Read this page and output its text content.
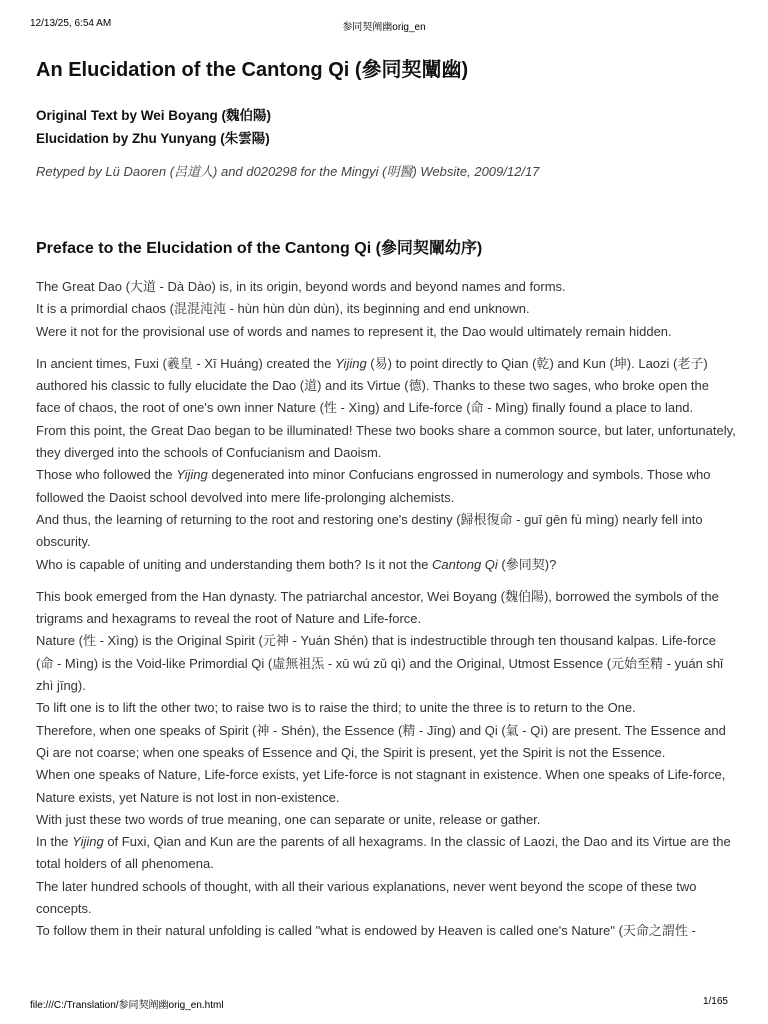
12/13/25, 6:54 AM	参同契阐幽orig_en
An Elucidation of the Cantong Qi (參同契闡幽)
Original Text by Wei Boyang (魏伯陽)
Elucidation by Zhu Yunyang (朱雲陽)
Retyped by Lü Daoren (呂道人) and d020298 for the Mingyi (明醫) Website, 2009/12/17
Preface to the Elucidation of the Cantong Qi (參同契闡幼序)

The Great Dao (大道 - Dà Dào) is, in its origin, beyond words and beyond names and forms.

It is a primordial chaos (混混沌沌 - hùn hùn dùn dùn), its beginning and end unknown.

Were it not for the provisional use of words and names to represent it, the Dao would ultimately remain hidden.

In ancient times, Fuxi (羲皇 - Xī Huáng) created the Yijing (易) to point directly to Qian (乾) and Kun (坤). Laozi (老子) authored his classic to fully elucidate the Dao (道) and its Virtue (德). Thanks to these two sages, who broke open the face of chaos, the root of one's own inner Nature (性 - Xìng) and Life-force (命 - Mìng) finally found a place to land.

From this point, the Great Dao began to be illuminated! These two books share a common source, but later, unfortunately, they diverged into the schools of Confucianism and Daoism.

Those who followed the Yijing degenerated into minor Confucians engrossed in numerology and symbols. Those who followed the Daoist school devolved into mere life-prolonging alchemists.

And thus, the learning of returning to the root and restoring one's destiny (歸根復命 - guī gēn fù mìng) nearly fell into obscurity.

Who is capable of uniting and understanding them both? Is it not the Cantong Qi (參同契)?

This book emerged from the Han dynasty. The patriarchal ancestor, Wei Boyang (魏伯陽), borrowed the symbols of the trigrams and hexagrams to reveal the root of Nature and Life-force.

Nature (性 - Xìng) is the Original Spirit (元神 - Yuán Shén) that is indestructible through ten thousand kalpas. Life-force (命 - Mìng) is the Void-like Primordial Qi (虛無祖炁 - xū wú zǔ qì) and the Original, Utmost Essence (元始至精 - yuán shǐ zhì jīng).

To lift one is to lift the other two; to raise two is to raise the third; to unite the three is to return to the One.

Therefore, when one speaks of Spirit (神 - Shén), the Essence (精 - Jīng) and Qi (氣 - Qì) are present. The Essence and Qi are not coarse; when one speaks of Essence and Qi, the Spirit is present, yet the Spirit is not the Essence.

When one speaks of Nature, Life-force exists, yet Life-force is not stagnant in existence. When one speaks of Life-force, Nature exists, yet Nature is not lost in non-existence.

With just these two words of true meaning, one can separate or unite, release or gather.

In the Yijing of Fuxi, Qian and Kun are the parents of all hexagrams. In the classic of Laozi, the Dao and its Virtue are the total holders of all phenomena.

The later hundred schools of thought, with all their various explanations, never went beyond the scope of these two concepts.

To follow them in their natural unfolding is called "what is endowed by Heaven is called one's Nature" (天命之謂性 -

file:///C:/Translation/参同契阐幽orig_en.html	1/165
